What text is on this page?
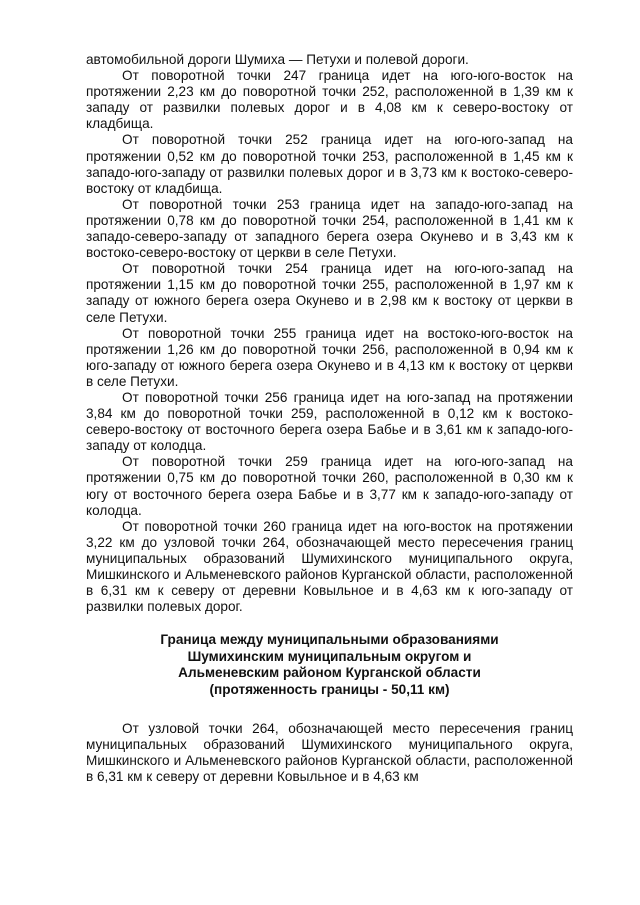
автомобильной дороги Шумиха — Петухи и полевой дороги.

От поворотной точки 247 граница идет на юго-юго-восток на протяжении 2,23 км до поворотной точки 252, расположенной в 1,39 км к западу от развилки полевых дорог и в 4,08 км к северо-востоку от кладбища.

От поворотной точки 252 граница идет на юго-юго-запад на протяжении 0,52 км до поворотной точки 253, расположенной в 1,45 км к западо-юго-западу от развилки полевых дорог и в 3,73 км к востоко-северо-востоку от кладбища.

От поворотной точки 253 граница идет на западо-юго-запад на протяжении 0,78 км до поворотной точки 254, расположенной в 1,41 км к западо-северо-западу от западного берега озера Окунево и в 3,43 км к востоко-северо-востоку от церкви в селе Петухи.

От поворотной точки 254 граница идет на юго-юго-запад на протяжении 1,15 км до поворотной точки 255, расположенной в 1,97 км к западу от южного берега озера Окунево и в 2,98 км к востоку от церкви в селе Петухи.

От поворотной точки 255 граница идет на востоко-юго-восток на протяжении 1,26 км до поворотной точки 256, расположенной в 0,94 км к юго-западу от южного берега озера Окунево и в 4,13 км к востоку от церкви в селе Петухи.

От поворотной точки 256 граница идет на юго-запад на протяжении 3,84 км до поворотной точки 259, расположенной в 0,12 км к востоко-северо-востоку от восточного берега озера Бабье и в 3,61 км к западо-юго-западу от колодца.

От поворотной точки 259 граница идет на юго-юго-запад на протяжении 0,75 км до поворотной точки 260, расположенной в 0,30 км к югу от восточного берега озера Бабье и в 3,77 км к западо-юго-западу от колодца.

От поворотной точки 260 граница идет на юго-восток на протяжении 3,22 км до узловой точки 264, обозначающей место пересечения границ муниципальных образований Шумихинского муниципального округа, Мишкинского и Альменевского районов Курганской области, расположенной в 6,31 км к северу от деревни Ковыльное и в 4,63 км к юго-западу от развилки полевых дорог.

Граница между муниципальными образованиями
Шумихинским муниципальным округом и
Альменевским районом Курганской области
(протяженность границы - 50,11 км)

От узловой точки 264, обозначающей место пересечения границ муниципальных образований Шумихинского муниципального округа, Мишкинского и Альменевского районов Курганской области, расположенной в 6,31 км к северу от деревни Ковыльное и в 4,63 км
